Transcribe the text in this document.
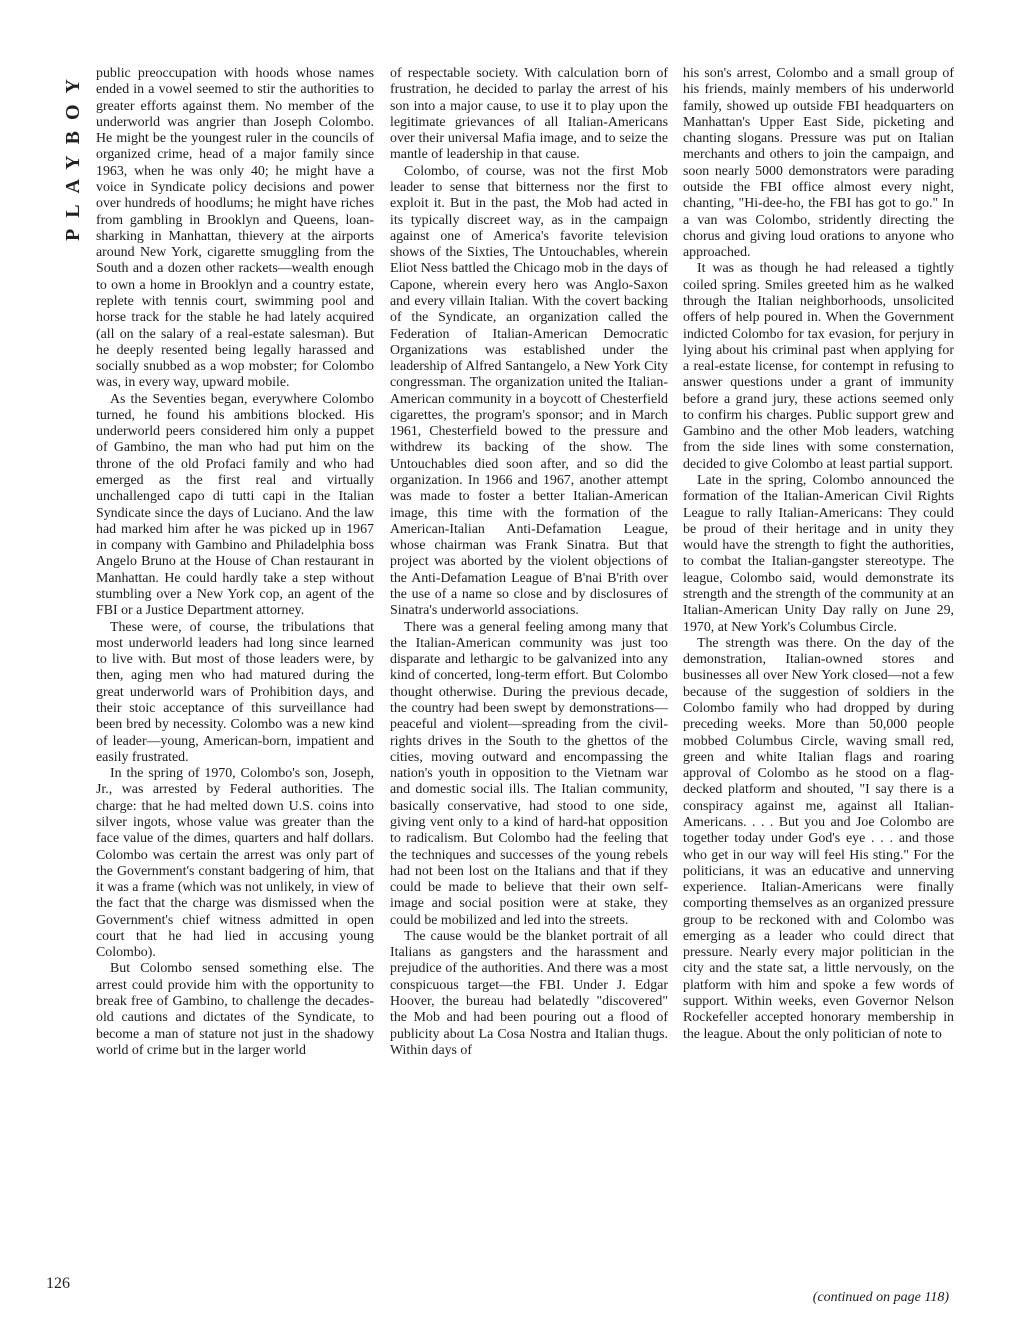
PLAYBOY
126

public preoccupation with hoods whose names ended in a vowel seemed to stir the authorities to greater efforts against them. No member of the underworld was angrier than Joseph Colombo. He might be the youngest ruler in the councils of organized crime, head of a major family since 1963, when he was only 40; he might have a voice in Syndicate policy decisions and power over hundreds of hoodlums; he might have riches from gambling in Brooklyn and Queens, loan-sharking in Manhattan, thievery at the airports around New York, cigarette smuggling from the South and a dozen other rackets—wealth enough to own a home in Brooklyn and a country estate, replete with tennis court, swimming pool and horse track for the stable he had lately acquired (all on the salary of a real-estate salesman). But he deeply resented being legally harassed and socially snubbed as a wop mobster; for Colombo was, in every way, upward mobile.

As the Seventies began, everywhere Colombo turned, he found his ambitions blocked. His underworld peers considered him only a puppet of Gambino, the man who had put him on the throne of the old Profaci family and who had emerged as the first real and virtually unchallenged capo di tutti capi in the Italian Syndicate since the days of Luciano. And the law had marked him after he was picked up in 1967 in company with Gambino and Philadelphia boss Angelo Bruno at the House of Chan restaurant in Manhattan. He could hardly take a step without stumbling over a New York cop, an agent of the FBI or a Justice Department attorney.

These were, of course, the tribulations that most underworld leaders had long since learned to live with. But most of those leaders were, by then, aging men who had matured during the great underworld wars of Prohibition days, and their stoic acceptance of this surveillance had been bred by necessity. Colombo was a new kind of leader—young, American-born, impatient and easily frustrated.

In the spring of 1970, Colombo's son, Joseph, Jr., was arrested by Federal authorities. The charge: that he had melted down U.S. coins into silver ingots, whose value was greater than the face value of the dimes, quarters and half dollars. Colombo was certain the arrest was only part of the Government's constant badgering of him, that it was a frame (which was not unlikely, in view of the fact that the charge was dismissed when the Government's chief witness admitted in open court that he had lied in accusing young Colombo).

But Colombo sensed something else. The arrest could provide him with the opportunity to break free of Gambino, to challenge the decades-old cautions and dictates of the Syndicate, to become a man of stature not just in the shadowy world of crime but in the larger world

of respectable society. With calculation born of frustration, he decided to parlay the arrest of his son into a major cause, to use it to play upon the legitimate grievances of all Italian-Americans over their universal Mafia image, and to seize the mantle of leadership in that cause.

Colombo, of course, was not the first Mob leader to sense that bitterness nor the first to exploit it. But in the past, the Mob had acted in its typically discreet way, as in the campaign against one of America's favorite television shows of the Sixties, The Untouchables, wherein Eliot Ness battled the Chicago mob in the days of Capone, wherein every hero was Anglo-Saxon and every villain Italian. With the covert backing of the Syndicate, an organization called the Federation of Italian-American Democratic Organizations was established under the leadership of Alfred Santangelo, a New York City congressman. The organization united the Italian-American community in a boycott of Chesterfield cigarettes, the program's sponsor; and in March 1961, Chesterfield bowed to the pressure and withdrew its backing of the show. The Untouchables died soon after, and so did the organization. In 1966 and 1967, another attempt was made to foster a better Italian-American image, this time with the formation of the American-Italian Anti-Defamation League, whose chairman was Frank Sinatra. But that project was aborted by the violent objections of the Anti-Defamation League of B'nai B'rith over the use of a name so close and by disclosures of Sinatra's underworld associations.

There was a general feeling among many that the Italian-American community was just too disparate and lethargic to be galvanized into any kind of concerted, long-term effort. But Colombo thought otherwise. During the previous decade, the country had been swept by demonstrations—peaceful and violent—spreading from the civil-rights drives in the South to the ghettos of the cities, moving outward and encompassing the nation's youth in opposition to the Vietnam war and domestic social ills. The Italian community, basically conservative, had stood to one side, giving vent only to a kind of hard-hat opposition to radicalism. But Colombo had the feeling that the techniques and successes of the young rebels had not been lost on the Italians and that if they could be made to believe that their own self-image and social position were at stake, they could be mobilized and led into the streets.

The cause would be the blanket portrait of all Italians as gangsters and the harassment and prejudice of the authorities. And there was a most conspicuous target—the FBI. Under J. Edgar Hoover, the bureau had belatedly "discovered" the Mob and had been pouring out a flood of publicity about La Cosa Nostra and Italian thugs. Within days of

his son's arrest, Colombo and a small group of his friends, mainly members of his underworld family, showed up outside FBI headquarters on Manhattan's Upper East Side, picketing and chanting slogans. Pressure was put on Italian merchants and others to join the campaign, and soon nearly 5000 demonstrators were parading outside the FBI office almost every night, chanting, "Hi-dee-ho, the FBI has got to go." In a van was Colombo, stridently directing the chorus and giving loud orations to anyone who approached.

It was as though he had released a tightly coiled spring. Smiles greeted him as he walked through the Italian neighborhoods, unsolicited offers of help poured in. When the Government indicted Colombo for tax evasion, for perjury in lying about his criminal past when applying for a real-estate license, for contempt in refusing to answer questions under a grant of immunity before a grand jury, these actions seemed only to confirm his charges. Public support grew and Gambino and the other Mob leaders, watching from the side lines with some consternation, decided to give Colombo at least partial support.

Late in the spring, Colombo announced the formation of the Italian-American Civil Rights League to rally Italian-Americans: They could be proud of their heritage and in unity they would have the strength to fight the authorities, to combat the Italian-gangster stereotype. The league, Colombo said, would demonstrate its strength and the strength of the community at an Italian-American Unity Day rally on June 29, 1970, at New York's Columbus Circle.

The strength was there. On the day of the demonstration, Italian-owned stores and businesses all over New York closed—not a few because of the suggestion of soldiers in the Colombo family who had dropped by during preceding weeks. More than 50,000 people mobbed Columbus Circle, waving small red, green and white Italian flags and roaring approval of Colombo as he stood on a flag-decked platform and shouted, "I say there is a conspiracy against me, against all Italian-Americans. . . . But you and Joe Colombo are together today under God's eye . . . and those who get in our way will feel His sting." For the politicians, it was an educative and unnerving experience. Italian-Americans were finally comporting themselves as an organized pressure group to be reckoned with and Colombo was emerging as a leader who could direct that pressure. Nearly every major politician in the city and the state sat, a little nervously, on the platform with him and spoke a few words of support. Within weeks, even Governor Nelson Rockefeller accepted honorary membership in the league. About the only politician of note to

(continued on page 118)
